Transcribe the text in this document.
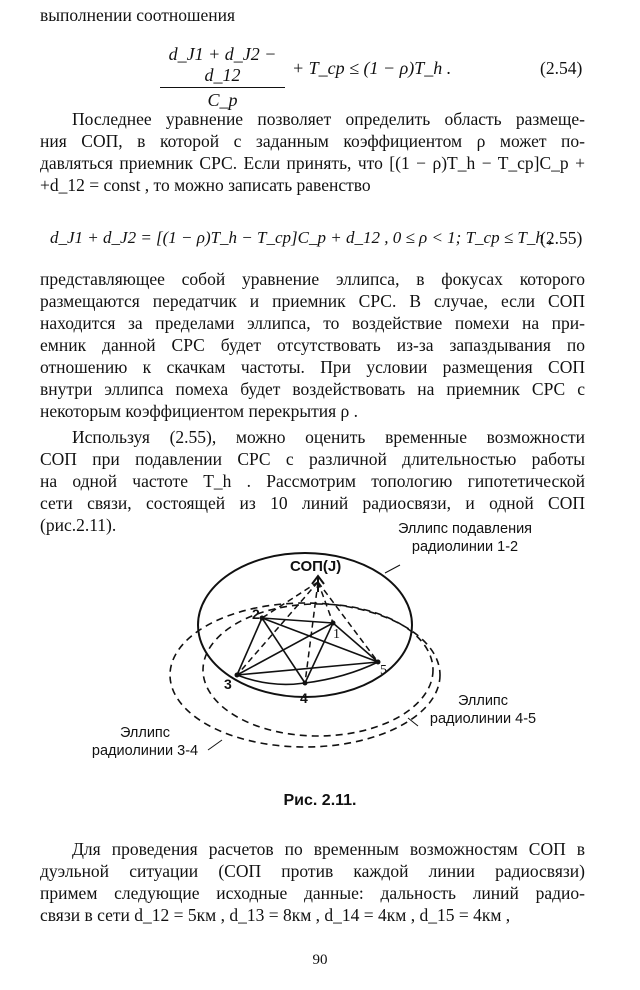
выполнении соотношения
d_J1 + d_J2 − d_12
C_р
+ T_ср ≤ (1 − ρ)T_h .	(2.54)
Последнее уравнение позволяет определить область размеще-
ния СОП, в которой с заданным коэффициентом ρ может по-
давляться приемник СРС. Если принять, что [(1 − ρ)T_h − T_ср]C_р +
+d_12 = const , то можно записать равенство
d_J1 + d_J2 = [(1 − ρ)T_h − T_ср]C_р + d_12 , 0 ≤ ρ < 1; T_ср ≤ T_h ,
(2.55)
представляющее собой уравнение эллипса, в фокусах которого
размещаются передатчик и приемник СРС. В случае, если СОП
находится за пределами эллипса, то воздействие помехи на при-
емник данной СРС будет отсутствовать из-за запаздывания по
отношению к скачкам частоты. При условии размещения СОП
внутри эллипса помеха будет воздействовать на приемник СРС с
некоторым коэффициентом перекрытия ρ .
Используя (2.55), можно оценить временные возможности
СОП при подавлении СРС с различной длительностью работы
на одной частоте T_h . Рассмотрим топологию гипотетической
сети связи, состоящей из 10 линий радиосвязи, и одной СОП
(рис.2.11).
СОП(J)
2
1
3
4
5
Эллипс подавления
радиолинии 1-2
Эллипс
радиолинии 4-5
Эллипс
радиолинии 3-4
Рис. 2.11.
Для проведения расчетов по временным возможностям СОП в
дуэльной ситуации (СОП против каждой линии радиосвязи)
примем следующие исходные данные: дальность линий радио-
связи в сети d_12 = 5км , d_13 = 8км , d_14 = 4км , d_15 = 4км ,
90
